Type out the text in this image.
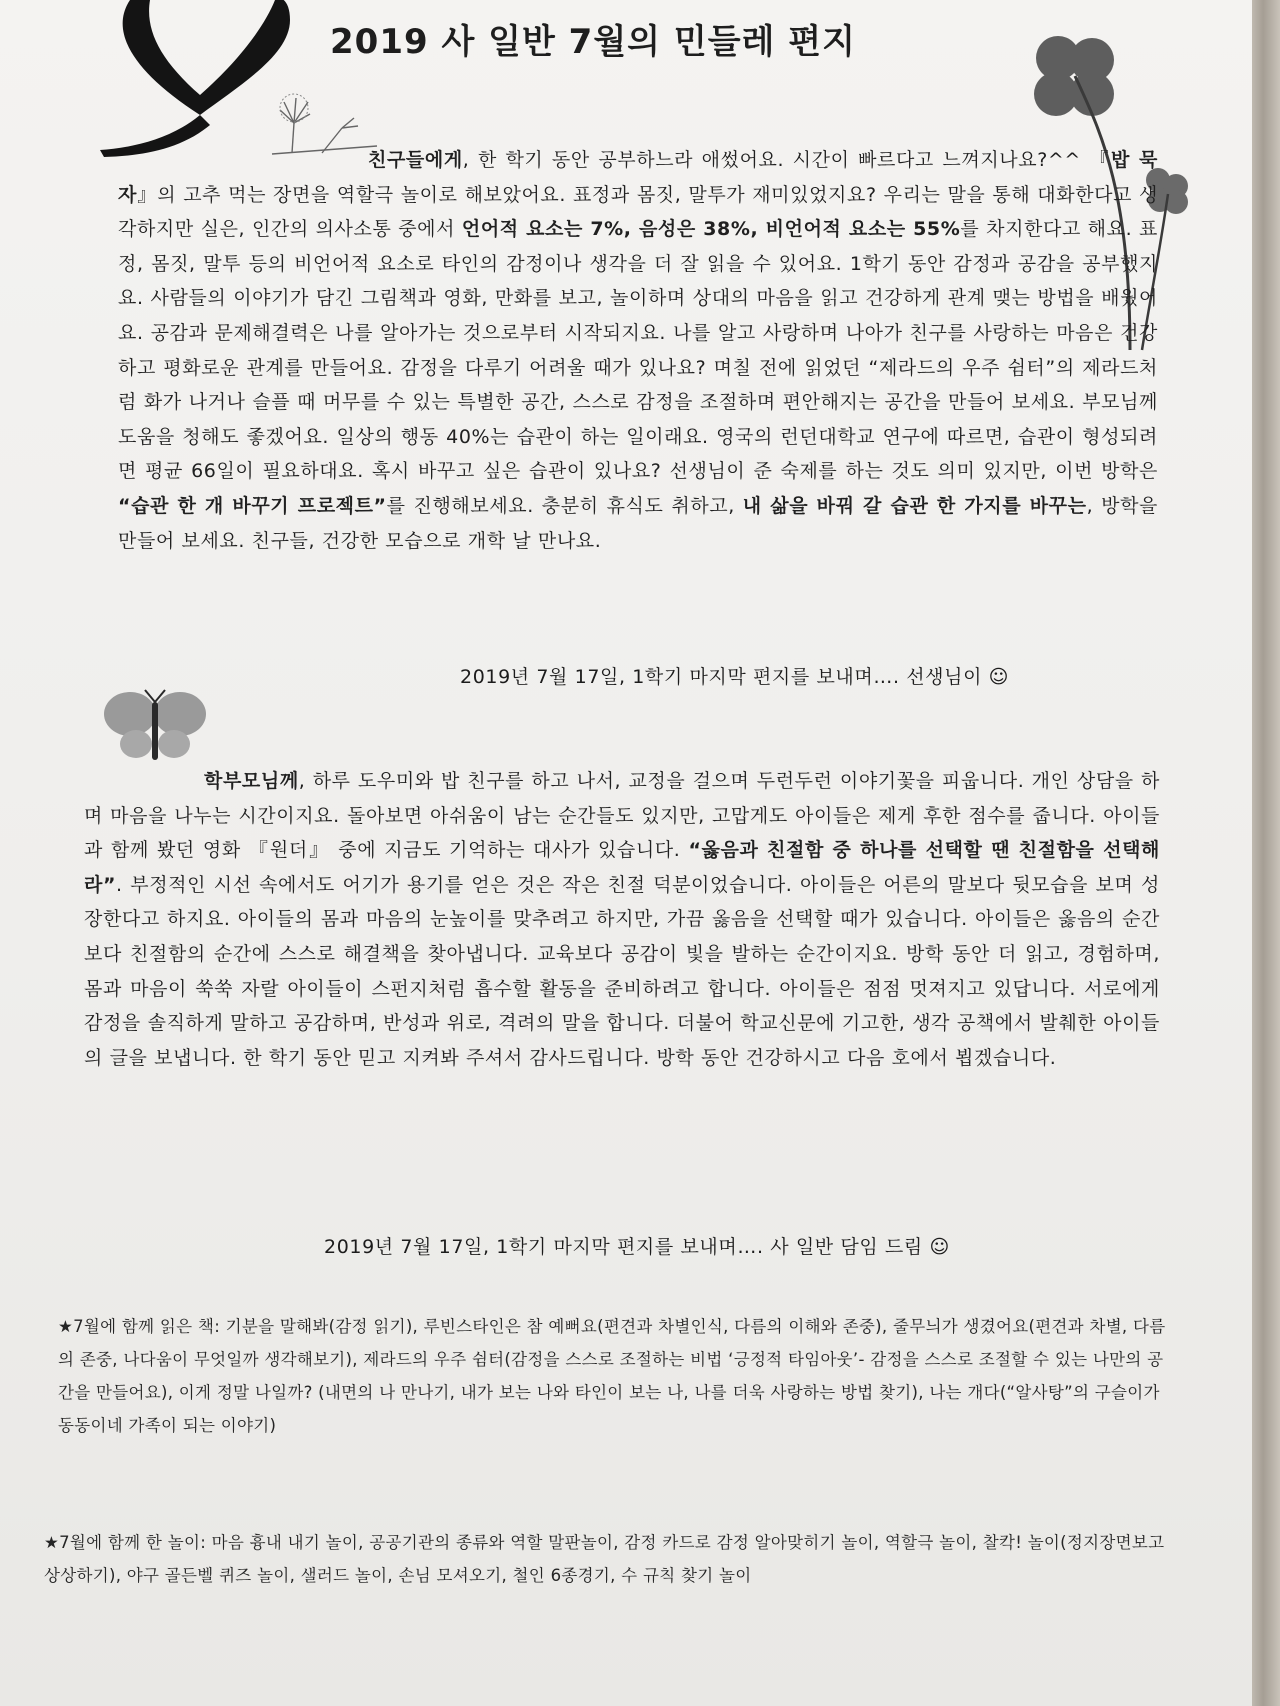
2019 사 일반 7월의 민들레 편지

친구들에게, 한 학기 동안 공부하느라 애썼어요. 시간이 빠르다고 느껴지나요?^^ 『밥 묵자』의 고추 먹는 장면을 역할극 놀이로 해보았어요. 표정과 몸짓, 말투가 재미있었지요? 우리는 말을 통해 대화한다고 생각하지만 실은, 인간의 의사소통 중에서 언어적 요소는 7%, 음성은 38%, 비언어적 요소는 55%를 차지한다고 해요. 표정, 몸짓, 말투 등의 비언어적 요소로 타인의 감정이나 생각을 더 잘 읽을 수 있어요. 1학기 동안 감정과 공감을 공부했지요. 사람들의 이야기가 담긴 그림책과 영화, 만화를 보고, 놀이하며 상대의 마음을 읽고 건강하게 관계 맺는 방법을 배웠어요. 공감과 문제해결력은 나를 알아가는 것으로부터 시작되지요. 나를 알고 사랑하며 나아가 친구를 사랑하는 마음은 건강하고 평화로운 관계를 만들어요. 감정을 다루기 어려울 때가 있나요? 며칠 전에 읽었던 “제라드의 우주 쉼터”의 제라드처럼 화가 나거나 슬플 때 머무를 수 있는 특별한 공간, 스스로 감정을 조절하며 편안해지는 공간을 만들어 보세요. 부모님께 도움을 청해도 좋겠어요. 일상의 행동 40%는 습관이 하는 일이래요. 영국의 런던대학교 연구에 따르면, 습관이 형성되려면 평균 66일이 필요하대요. 혹시 바꾸고 싶은 습관이 있나요? 선생님이 준 숙제를 하는 것도 의미 있지만, 이번 방학은 “습관 한 개 바꾸기 프로젝트”를 진행해보세요. 충분히 휴식도 취하고, 내 삶을 바꿔 갈 습관 한 가지를 바꾸는, 방학을 만들어 보세요. 친구들, 건강한 모습으로 개학 날 만나요.

2019년 7월 17일, 1학기 마지막 편지를 보내며…. 선생님이 ☺

학부모님께, 하루 도우미와 밥 친구를 하고 나서, 교정을 걸으며 두런두런 이야기꽃을 피웁니다. 개인 상담을 하며 마음을 나누는 시간이지요. 돌아보면 아쉬움이 남는 순간들도 있지만, 고맙게도 아이들은 제게 후한 점수를 줍니다. 아이들과 함께 봤던 영화 『원더』 중에 지금도 기억하는 대사가 있습니다. “옳음과 친절함 중 하나를 선택할 땐 친절함을 선택해라”. 부정적인 시선 속에서도 어기가 용기를 얻은 것은 작은 친절 덕분이었습니다. 아이들은 어른의 말보다 뒷모습을 보며 성장한다고 하지요. 아이들의 몸과 마음의 눈높이를 맞추려고 하지만, 가끔 옳음을 선택할 때가 있습니다. 아이들은 옳음의 순간보다 친절함의 순간에 스스로 해결책을 찾아냅니다. 교육보다 공감이 빛을 발하는 순간이지요. 방학 동안 더 읽고, 경험하며, 몸과 마음이 쑥쑥 자랄 아이들이 스펀지처럼 흡수할 활동을 준비하려고 합니다. 아이들은 점점 멋져지고 있답니다. 서로에게 감정을 솔직하게 말하고 공감하며, 반성과 위로, 격려의 말을 합니다. 더불어 학교신문에 기고한, 생각 공책에서 발췌한 아이들의 글을 보냅니다. 한 학기 동안 믿고 지켜봐 주셔서 감사드립니다. 방학 동안 건강하시고 다음 호에서 뵙겠습니다.

2019년 7월 17일, 1학기 마지막 편지를 보내며…. 사 일반 담임 드림 ☺
★7월에 함께 읽은 책: 기분을 말해봐(감정 읽기), 루빈스타인은 참 예뻐요(편견과 차별인식, 다름의 이해와 존중), 줄무늬가 생겼어요(편견과 차별, 다름의 존중, 나다움이 무엇일까 생각해보기), 제라드의 우주 쉼터(감정을 스스로 조절하는 비법 ‘긍정적 타임아웃’- 감정을 스스로 조절할 수 있는 나만의 공간을 만들어요), 이게 정말 나일까? (내면의 나 만나기, 내가 보는 나와 타인이 보는 나, 나를 더욱 사랑하는 방법 찾기), 나는 개다(“알사탕”의 구슬이가 동동이네 가족이 되는 이야기)
★7월에 함께 한 놀이: 마음 흉내 내기 놀이, 공공기관의 종류와 역할 말판놀이, 감정 카드로 감정 알아맞히기 놀이, 역할극 놀이, 찰칵! 놀이(정지장면보고 상상하기), 야구 골든벨 퀴즈 놀이, 샐러드 놀이, 손님 모셔오기, 철인 6종경기, 수 규칙 찾기 놀이
